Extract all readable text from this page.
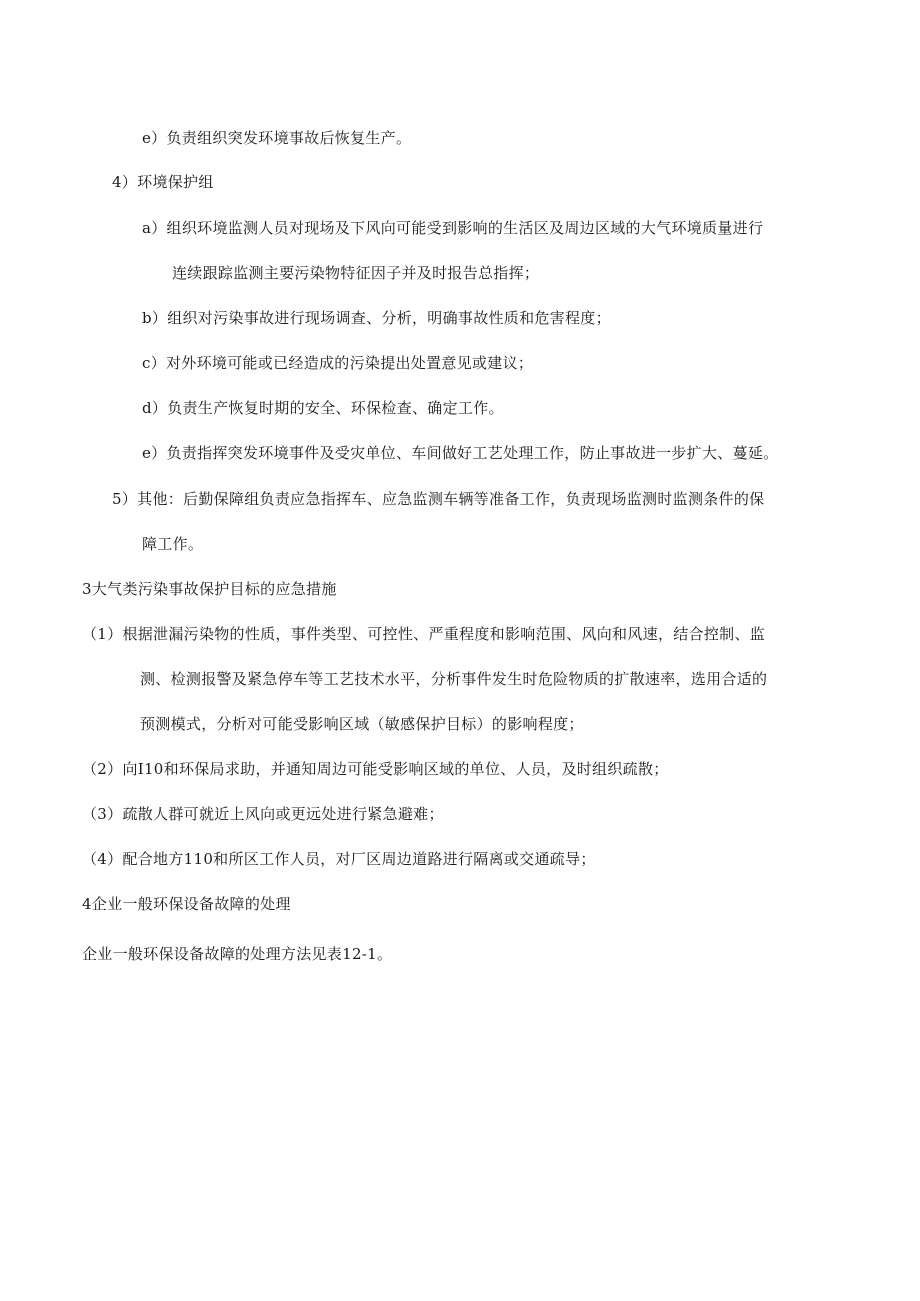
e）负责组织突发环境事故后恢复生产。
4）环境保护组
a）组织环境监测人员对现场及下风向可能受到影响的生活区及周边区域的大气环境质量进行
连续跟踪监测主要污染物特征因子并及时报告总指挥；
b）组织对污染事故进行现场调查、分析，明确事故性质和危害程度；
c）对外环境可能或已经造成的污染提出处置意见或建议；
d）负责生产恢复时期的安全、环保检查、确定工作。
e）负责指挥突发环境事件及受灾单位、车间做好工艺处理工作，防止事故进一步扩大、蔓延。
5）其他：后勤保障组负责应急指挥车、应急监测车辆等准备工作，负责现场监测时监测条件的保
障工作。
3大气类污染事故保护目标的应急措施
（1）根据泄漏污染物的性质，事件类型、可控性、严重程度和影响范围、风向和风速，结合控制、监
测、检测报警及紧急停车等工艺技术水平，分析事件发生时危险物质的扩散速率，选用合适的
预测模式，分析对可能受影响区域（敏感保护目标）的影响程度；
（2）向I10和环保局求助，并通知周边可能受影响区域的单位、人员，及时组织疏散；
（3）疏散人群可就近上风向或更远处进行紧急避难；
（4）配合地方110和所区工作人员，对厂区周边道路进行隔离或交通疏导；
4企业一般环保设备故障的处理
企业一般环保设备故障的处理方法见表12-1。
